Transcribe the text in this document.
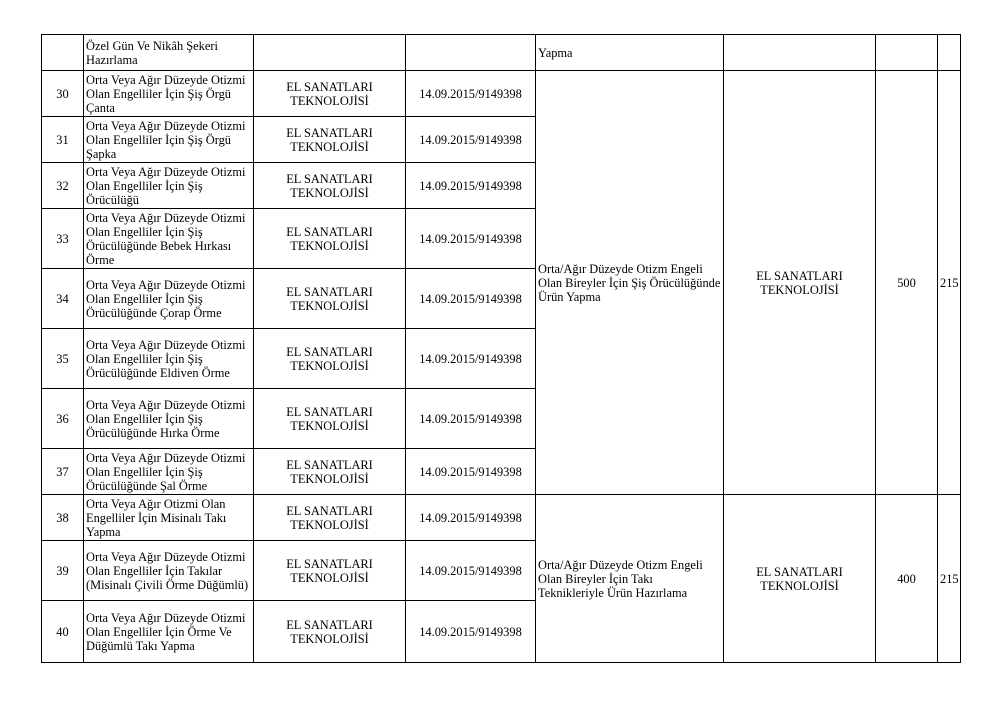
	Özel Gün Ve Nikâh Şekeri Hazırlama			Yapma			
30	Orta Veya Ağır Düzeyde Otizmi Olan Engelliler İçin Şiş Örgü Çanta	EL SANATLARI TEKNOLOJİSİ	14.09.2015/9149398	Orta/Ağır Düzeyde Otizm Engeli Olan Bireyler İçin Şiş Örücülüğünde Ürün Yapma	EL SANATLARI TEKNOLOJİSİ	500	215
31	Orta Veya Ağır Düzeyde Otizmi Olan Engelliler İçin Şiş Örgü Şapka	EL SANATLARI TEKNOLOJİSİ	14.09.2015/9149398				
32	Orta Veya Ağır Düzeyde Otizmi Olan Engelliler İçin Şiş Örücülüğü	EL SANATLARI TEKNOLOJİSİ	14.09.2015/9149398				
33	Orta Veya Ağır Düzeyde Otizmi Olan Engelliler İçin Şiş Örücülüğünde Bebek Hırkası Örme	EL SANATLARI TEKNOLOJİSİ	14.09.2015/9149398				
34	Orta Veya Ağır Düzeyde Otizmi Olan Engelliler İçin Şiş Örücülüğünde Çorap Örme	EL SANATLARI TEKNOLOJİSİ	14.09.2015/9149398				
35	Orta Veya Ağır Düzeyde Otizmi Olan Engelliler İçin Şiş Örücülüğünde Eldiven Örme	EL SANATLARI TEKNOLOJİSİ	14.09.2015/9149398				
36	Orta Veya Ağır Düzeyde Otizmi Olan Engelliler İçin Şiş Örücülüğünde Hırka Örme	EL SANATLARI TEKNOLOJİSİ	14.09.2015/9149398				
37	Orta Veya Ağır Düzeyde Otizmi Olan Engelliler İçin Şiş Örücülüğünde Şal Örme	EL SANATLARI TEKNOLOJİSİ	14.09.2015/9149398				
38	Orta Veya Ağır Otizmi Olan Engelliler İçin Misinalı Takı Yapma	EL SANATLARI TEKNOLOJİSİ	14.09.2015/9149398	Orta/Ağır Düzeyde Otizm Engeli Olan Bireyler İçin Takı Teknikleriyle Ürün Hazırlama	EL SANATLARI TEKNOLOJİSİ	400	215
39	Orta Veya Ağır Düzeyde Otizmi Olan Engelliler İçin Takılar (Misinalı Çivili Örme Düğümlü)	EL SANATLARI TEKNOLOJİSİ	14.09.2015/9149398				
40	Orta Veya Ağır Düzeyde Otizmi Olan Engelliler İçin Örme Ve Düğümlü Takı Yapma	EL SANATLARI TEKNOLOJİSİ	14.09.2015/9149398				
